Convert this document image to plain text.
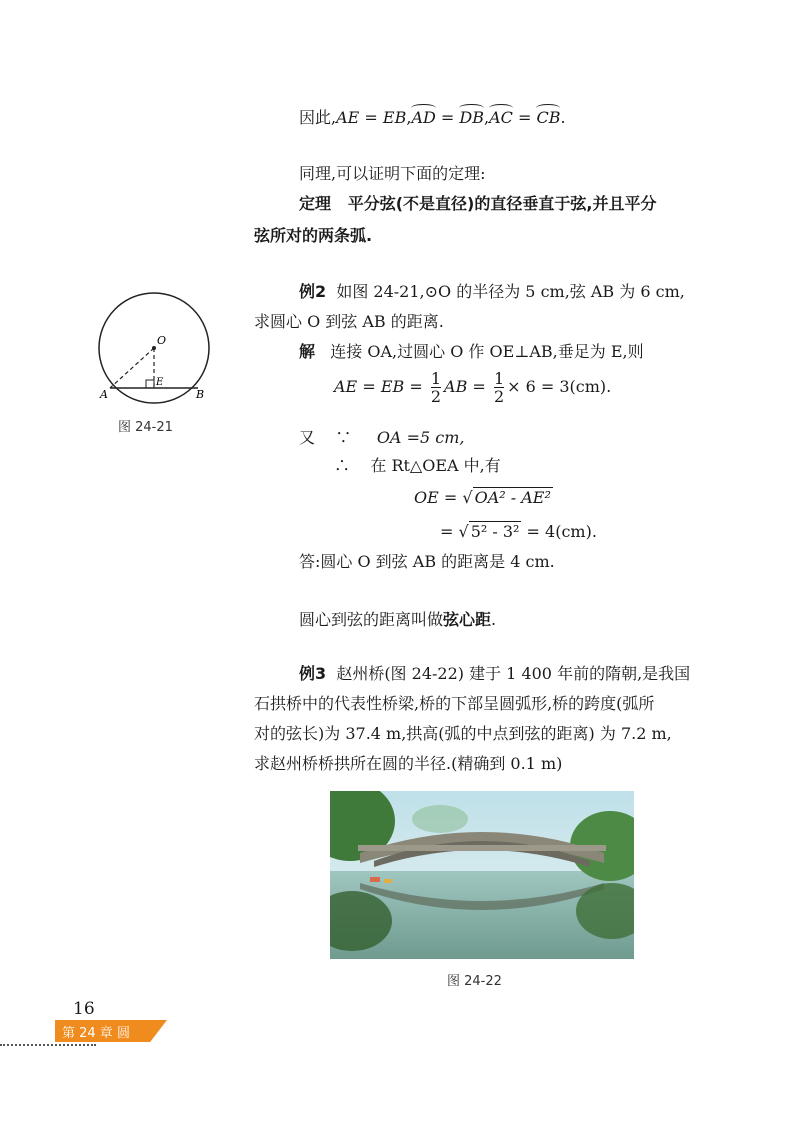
因此,AE = EB,AD = DB,AC = CB.
同理,可以证明下面的定理:
定理 平分弦(不是直径)的直径垂直于弦,并且平分
弦所对的两条弧.
O
A	B
E
图 24-21
例2 如图 24-21,⊙O 的半径为 5 cm,弦 AB 为 6 cm,
求圆心 O 到弦 AB 的距离.
解 连接 OA,过圆心 O 作 OE⊥AB,垂足为 E,则
AE = EB = $\frac{1}{2}$ AB = $\frac{1}{2} \times 6 = 3(cm)$.
又 ∵ OA =5 cm,
∴ 在 Rt△OEA 中,有
OE = √ OA² - AE²
= √ 5² - 3² = 4(cm).
答:圆心 O 到弦 AB 的距离是 4 cm.
圆心到弦的距离叫做弦心距.
例3 赵州桥(图 24-22) 建于 1 400 年前的隋朝,是我国
石拱桥中的代表性桥梁,桥的下部呈圆弧形,桥的跨度(弧所
对的弦长)为 37.4 m,拱高(弧的中点到弦的距离) 为 7.2 m,
求赵州桥桥拱所在圆的半径.(精确到 0.1 m)
图 24-22
16
第 24 章 圆
